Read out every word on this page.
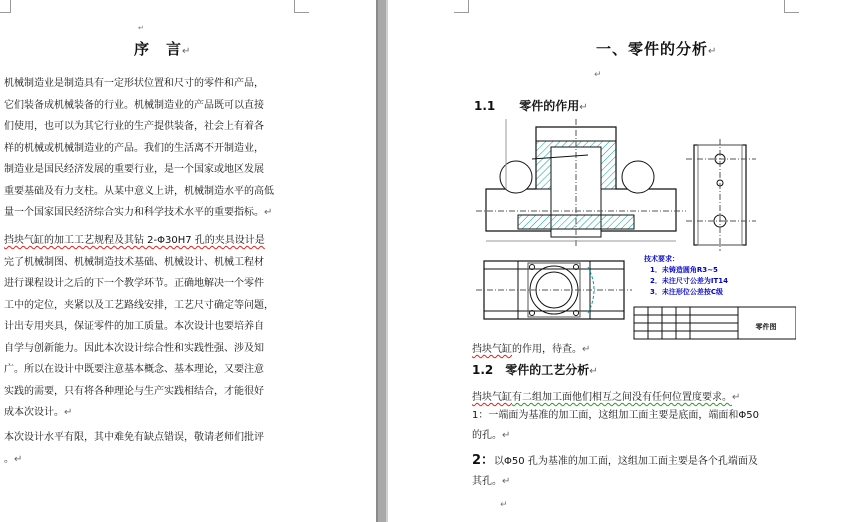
↵
序　言↵
机械制造业是制造具有一定形状位置和尺寸的零件和产品，
它们装备成机械装备的行业。机械制造业的产品既可以直接
们使用，也可以为其它行业的生产提供装备，社会上有着各
样的机械或机械制造业的产品。我们的生活离不开制造业，
制造业是国民经济发展的重要行业，是一个国家或地区发展
重要基础及有力支柱。从某中意义上讲，机械制造水平的高低
量一个国家国民经济综合实力和科学技术水平的重要指标。↵
挡块气缸的加工工艺规程及其钻 2-Φ30H7 孔的夹具设计是
完了机械制图、机械制造技术基础、机械设计、机械工程材
进行课程设计之后的下一个教学环节。正确地解决一个零件
工中的定位，夹紧以及工艺路线安排，工艺尺寸确定等问题，
计出专用夹具，保证零件的加工质量。本次设计也要培养自
自学与创新能力。因此本次设计综合性和实践性强、涉及知
广。所以在设计中既要注意基本概念、基本理论，又要注意
实践的需要，只有将各种理论与生产实践相结合，才能很好
成本次设计。↵
本次设计水平有限，其中难免有缺点错误，敬请老师们批评
。↵
一、零件的分析↵
↵
1.1　　零件的作用↵
技术要求：
1．未铸造圆角R3~5
2．未注尺寸公差为IT14
3．未注形位公差按C级
零件图
挡块气缸的作用，待查。↵
1.2　零件的工艺分析↵
挡块气缸有二组加工面他们相互之间没有任何位置度要求。↵
1：一端面为基准的加工面，这组加工面主要是底面，端面和Φ50
的孔。↵
2：以Φ50 孔为基准的加工面，这组加工面主要是各个孔端面及
其孔。↵
↵
